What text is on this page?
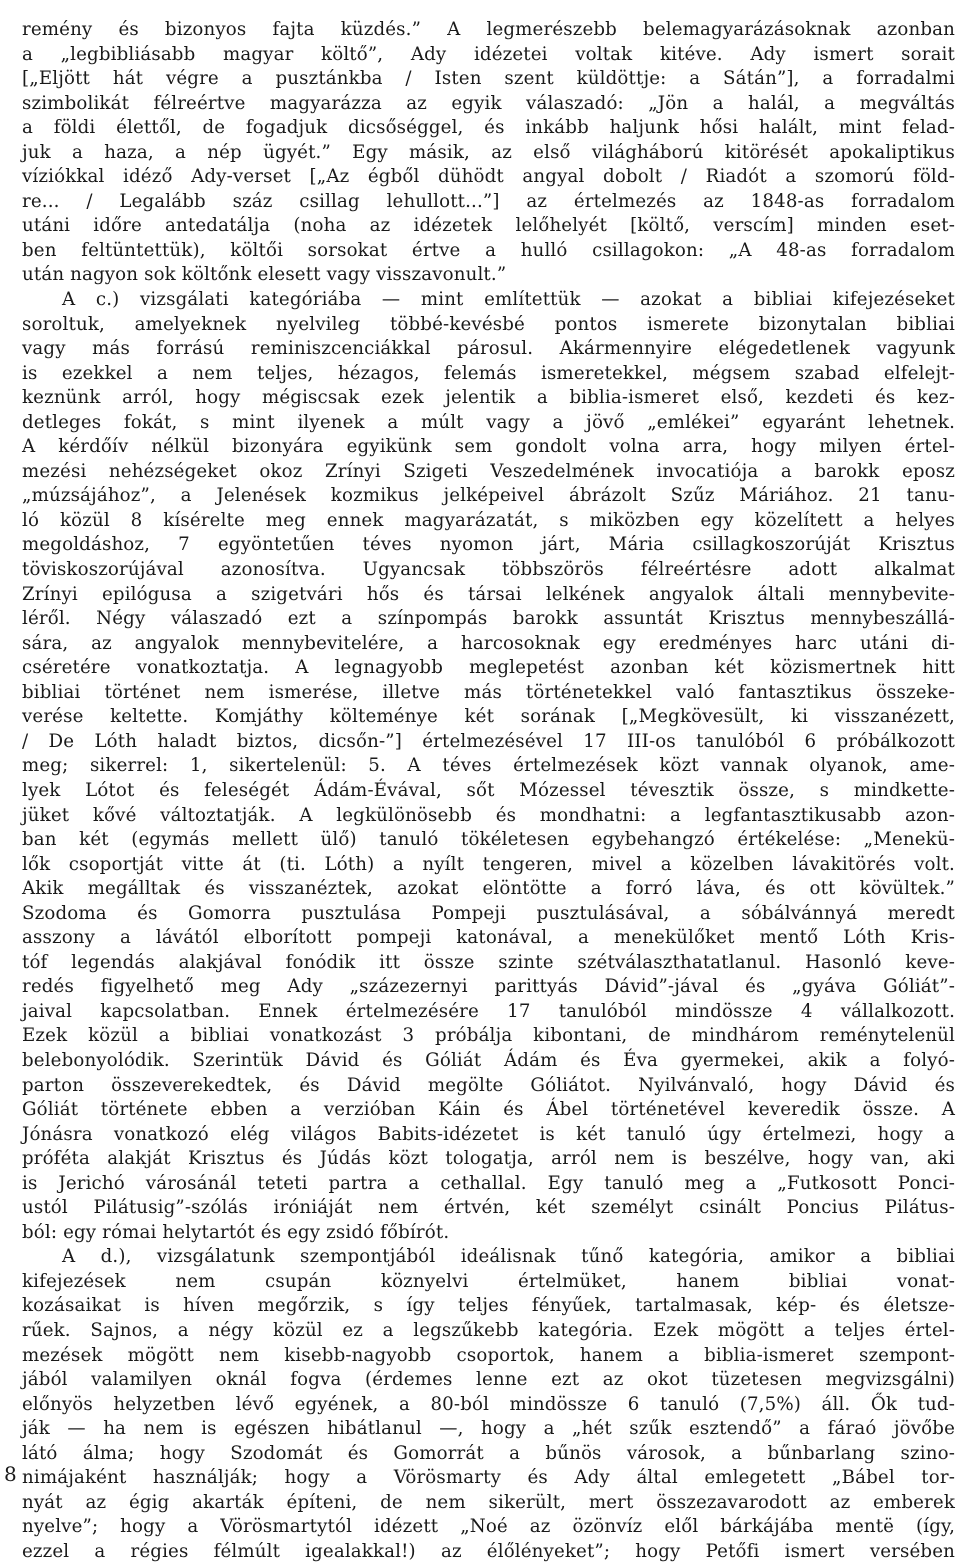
remény és bizonyos fajta küzdés.” A legmerészebb belemagyarázásoknak azonban
a „legbibliásabb magyar költő”, Ady idézetei voltak kitéve. Ady ismert sorait
[„Eljött hát végre a pusztánkba / Isten szent küldöttje: a Sátán”], a forradalmi
szimbolikát félreértve magyarázza az egyik válaszadó: „Jön a halál, a megváltás
a földi élettől, de fogadjuk dicsőséggel, és inkább haljunk hősi halált, mint felad-
juk a haza, a nép ügyét.” Egy másik, az első világháború kitörését apokaliptikus
víziókkal idéző Ady-verset [„Az égből dühödt angyal dobolt / Riadót a szomorú föld-
re... / Legalább száz csillag lehullott...”] az értelmezés az 1848-as forradalom
utáni időre antedatálja (noha az idézetek lelőhelyét [költő, verscím] minden eset-
ben feltüntettük), költői sorsokat értve a hulló csillagokon: „A 48-as forradalom
után nagyon sok költőnk elesett vagy visszavonult.”
A c.) vizsgálati kategóriába — mint említettük — azokat a bibliai kifejezéseket
soroltuk, amelyeknek nyelvileg többé-kevésbé pontos ismerete bizonytalan bibliai
vagy más forrású reminiszcenciákkal párosul. Akármennyire elégedetlenek vagyunk
is ezekkel a nem teljes, hézagos, felemás ismeretekkel, mégsem szabad elfelejt-
keznünk arról, hogy mégiscsak ezek jelentik a biblia-ismeret első, kezdeti és kez-
detleges fokát, s mint ilyenek a múlt vagy a jövő „emlékei” egyaránt lehetnek.
A kérdőív nélkül bizonyára egyikünk sem gondolt volna arra, hogy milyen értel-
mezési nehézségeket okoz Zrínyi Szigeti Veszedelmének invocatiója a barokk eposz
„múzsájához”, a Jelenések kozmikus jelképeivel ábrázolt Szűz Máriához. 21 tanu-
ló közül 8 kísérelte meg ennek magyarázatát, s miközben egy közelített a helyes
megoldáshoz, 7 egyöntetűen téves nyomon járt, Mária csillagkoszorúját Krisztus
töviskoszorújával azonosítva. Ugyancsak többszörös félreértésre adott alkalmat
Zrínyi epilógusa a szigetvári hős és társai lelkének angyalok általi mennybevite-
léről. Négy válaszadó ezt a színpompás barokk assuntát Krisztus mennybeszállá-
sára, az angyalok mennybevitelére, a harcosoknak egy eredményes harc utáni di-
cséretére vonatkoztatja. A legnagyobb meglepetést azonban két közismertnek hitt
bibliai történet nem ismerése, illetve más történetekkel való fantasztikus összeke-
verése keltette. Komjáthy költeménye két sorának [„Megkövesült, ki visszanézett,
/ De Lóth haladt biztos, dicsőn-”] értelmezésével 17 III-os tanulóból 6 próbálkozott
meg; sikerrel: 1, sikertelenül: 5. A téves értelmezések közt vannak olyanok, ame-
lyek Lótot és feleségét Ádám-Évával, sőt Mózessel tévesztik össze, s mindkette-
jüket kővé változtatják. A legkülönösebb és mondhatni: a legfantasztikusabb azon-
ban két (egymás mellett ülő) tanuló tökéletesen egybehangzó értékelése: „Menekü-
lők csoportját vitte át (ti. Lóth) a nyílt tengeren, mivel a közelben lávakitörés volt.
Akik megálltak és visszanéztek, azokat elöntötte a forró láva, és ott kövültek.”
Szodoma és Gomorra pusztulása Pompeji pusztulásával, a sóbálvánnyá meredt
asszony a lávától elborított pompeji katonával, a menekülőket mentő Lóth Kris-
tóf legendás alakjával fonódik itt össze szinte szétválaszthatatlanul. Hasonló keve-
redés figyelhető meg Ady „százezernyi parittyás Dávid”-jával és „gyáva Góliát”-
jaival kapcsolatban. Ennek értelmezésére 17 tanulóból mindössze 4 vállalkozott.
Ezek közül a bibliai vonatkozást 3 próbálja kibontani, de mindhárom reménytelenül
belebonyolódik. Szerintük Dávid és Góliát Ádám és Éva gyermekei, akik a folyó-
parton összeverekedtek, és Dávid megölte Góliátot. Nyilvánvaló, hogy Dávid és
Góliát története ebben a verzióban Káin és Ábel történetével keveredik össze. A
Jónásra vonatkozó elég világos Babits-idézetet is két tanuló úgy értelmezi, hogy a
próféta alakját Krisztus és Júdás közt tologatja, arról nem is beszélve, hogy van, aki
is Jerichó városánál teteti partra a cethallal. Egy tanuló meg a „Futkosott Ponci-
ustól Pilátusig”-szólás iróniáját nem értvén, két személyt csinált Poncius Pilátus-
ból: egy római helytartót és egy zsidó főbírót.
A d.), vizsgálatunk szempontjából ideálisnak tűnő kategória, amikor a bibliai
kifejezések nem csupán köznyelvi értelmüket, hanem bibliai vonat-
kozásaikat is híven megőrzik, s így teljes fényűek, tartalmasak, kép- és életsze-
rűek. Sajnos, a négy közül ez a legszűkebb kategória. Ezek mögött a teljes értel-
mezések mögött nem kisebb-nagyobb csoportok, hanem a biblia-ismeret szempont-
jából valamilyen oknál fogva (érdemes lenne ezt az okot tüzetesen megvizsgálni)
előnyös helyzetben lévő egyének, a 80-ból mindössze 6 tanuló (7,5%) áll. Ők tud-
ják — ha nem is egészen hibátlanul —, hogy a „hét szűk esztendő” a fáraó jövőbe
látó álma; hogy Szodomát és Gomorrát a bűnös városok, a bűnbarlang szino-
nimájaként használják; hogy a Vörösmarty és Ady által emlegetett „Bábel tor-
nyát az égig akarták építeni, de nem sikerült, mert összezavarodott az emberek
nyelve”; hogy a Vörösmartytól idézett „Noé az özönvíz elől bárkájába mentë (így,
ezzel a régies félmúlt igealakkal!) az élőlényeket”; hogy Petőfi ismert versében
8
